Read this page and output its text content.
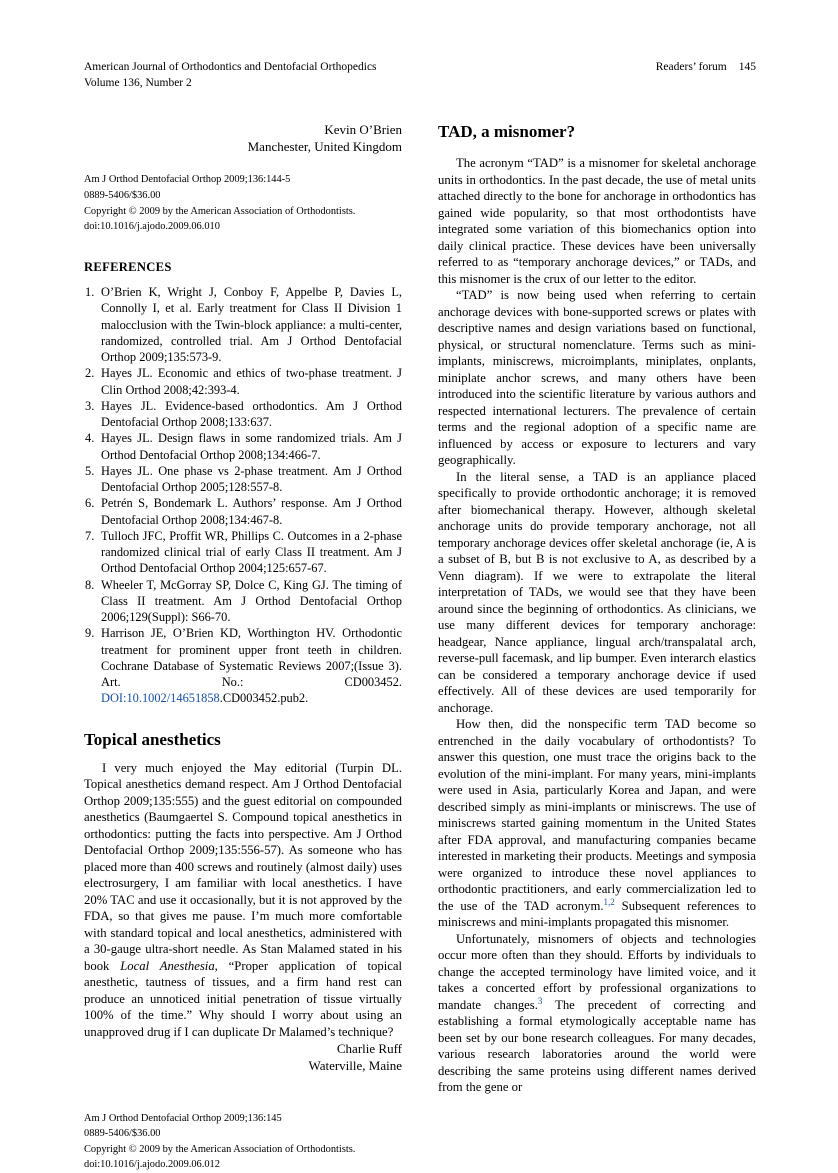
American Journal of Orthodontics and Dentofacial Orthopedics
Volume 136, Number 2
Readers’ forum 145
Kevin O’Brien
Manchester, United Kingdom
Am J Orthod Dentofacial Orthop 2009;136:144-5
0889-5406/$36.00
Copyright © 2009 by the American Association of Orthodontists.
doi:10.1016/j.ajodo.2009.06.010
REFERENCES
O’Brien K, Wright J, Conboy F, Appelbe P, Davies L, Connolly I, et al. Early treatment for Class II Division 1 malocclusion with the Twin-block appliance: a multi-center, randomized, controlled trial. Am J Orthod Dentofacial Orthop 2009;135:573-9.
Hayes JL. Economic and ethics of two-phase treatment. J Clin Orthod 2008;42:393-4.
Hayes JL. Evidence-based orthodontics. Am J Orthod Dentofacial Orthop 2008;133:637.
Hayes JL. Design flaws in some randomized trials. Am J Orthod Dentofacial Orthop 2008;134:466-7.
Hayes JL. One phase vs 2-phase treatment. Am J Orthod Dentofacial Orthop 2005;128:557-8.
Petrén S, Bondemark L. Authors’ response. Am J Orthod Dentofacial Orthop 2008;134:467-8.
Tulloch JFC, Proffit WR, Phillips C. Outcomes in a 2-phase randomized clinical trial of early Class II treatment. Am J Orthod Dentofacial Orthop 2004;125:657-67.
Wheeler T, McGorray SP, Dolce C, King GJ. The timing of Class II treatment. Am J Orthod Dentofacial Orthop 2006;129(Suppl): S66-70.
Harrison JE, O’Brien KD, Worthington HV. Orthodontic treatment for prominent upper front teeth in children. Cochrane Database of Systematic Reviews 2007;(Issue 3). Art. No.: CD003452. DOI:10.1002/14651858.CD003452.pub2.
Topical anesthetics

I very much enjoyed the May editorial (Turpin DL. Topical anesthetics demand respect. Am J Orthod Dentofacial Orthop 2009;135:555) and the guest editorial on compounded anesthetics (Baumgaertel S. Compound topical anesthetics in orthodontics: putting the facts into perspective. Am J Orthod Dentofacial Orthop 2009;135:556-57). As someone who has placed more than 400 screws and routinely (almost daily) uses electrosurgery, I am familiar with local anesthetics. I have 20% TAC and use it occasionally, but it is not approved by the FDA, so that gives me pause. I’m much more comfortable with standard topical and local anesthetics, administered with a 30-gauge ultra-short needle. As Stan Malamed stated in his book Local Anesthesia, “Proper application of topical anesthetic, tautness of tissues, and a firm hand rest can produce an unnoticed initial penetration of tissue virtually 100% of the time.” Why should I worry about using an unapproved drug if I can duplicate Dr Malamed’s technique?

Charlie Ruff
Waterville, Maine
Am J Orthod Dentofacial Orthop 2009;136:145
0889-5406/$36.00
Copyright © 2009 by the American Association of Orthodontists.
doi:10.1016/j.ajodo.2009.06.012
TAD, a misnomer?

The acronym “TAD” is a misnomer for skeletal anchorage units in orthodontics. In the past decade, the use of metal units attached directly to the bone for anchorage in orthodontics has gained wide popularity, so that most orthodontists have integrated some variation of this biomechanics option into daily clinical practice. These devices have been universally referred to as “temporary anchorage devices,” or TADs, and this misnomer is the crux of our letter to the editor.

“TAD” is now being used when referring to certain anchorage devices with bone-supported screws or plates with descriptive names and design variations based on functional, physical, or structural nomenclature. Terms such as mini-implants, miniscrews, microimplants, miniplates, onplants, miniplate anchor screws, and many others have been introduced into the scientific literature by various authors and respected international lecturers. The prevalence of certain terms and the regional adoption of a specific name are influenced by access or exposure to lecturers and vary geographically.

In the literal sense, a TAD is an appliance placed specifically to provide orthodontic anchorage; it is removed after biomechanical therapy. However, although skeletal anchorage units do provide temporary anchorage, not all temporary anchorage devices offer skeletal anchorage (ie, A is a subset of B, but B is not exclusive to A, as described by a Venn diagram). If we were to extrapolate the literal interpretation of TADs, we would see that they have been around since the beginning of orthodontics. As clinicians, we use many different devices for temporary anchorage: headgear, Nance appliance, lingual arch/transpalatal arch, reverse-pull facemask, and lip bumper. Even interarch elastics can be considered a temporary anchorage device if used effectively. All of these devices are used temporarily for anchorage.

How then, did the nonspecific term TAD become so entrenched in the daily vocabulary of orthodontists? To answer this question, one must trace the origins back to the evolution of the mini-implant. For many years, mini-implants were used in Asia, particularly Korea and Japan, and were described simply as mini-implants or miniscrews. The use of miniscrews started gaining momentum in the United States after FDA approval, and manufacturing companies became interested in marketing their products. Meetings and symposia were organized to introduce these novel appliances to orthodontic practitioners, and early commercialization led to the use of the TAD acronym.$^{1,2}$ Subsequent references to miniscrews and mini-implants propagated this misnomer.

Unfortunately, misnomers of objects and technologies occur more often than they should. Efforts by individuals to change the accepted terminology have limited voice, and it takes a concerted effort by professional organizations to mandate changes.$^3$ The precedent of correcting and establishing a formal etymologically acceptable name has been set by our bone research colleagues. For many decades, various research laboratories around the world were describing the same proteins using different names derived from the gene or
